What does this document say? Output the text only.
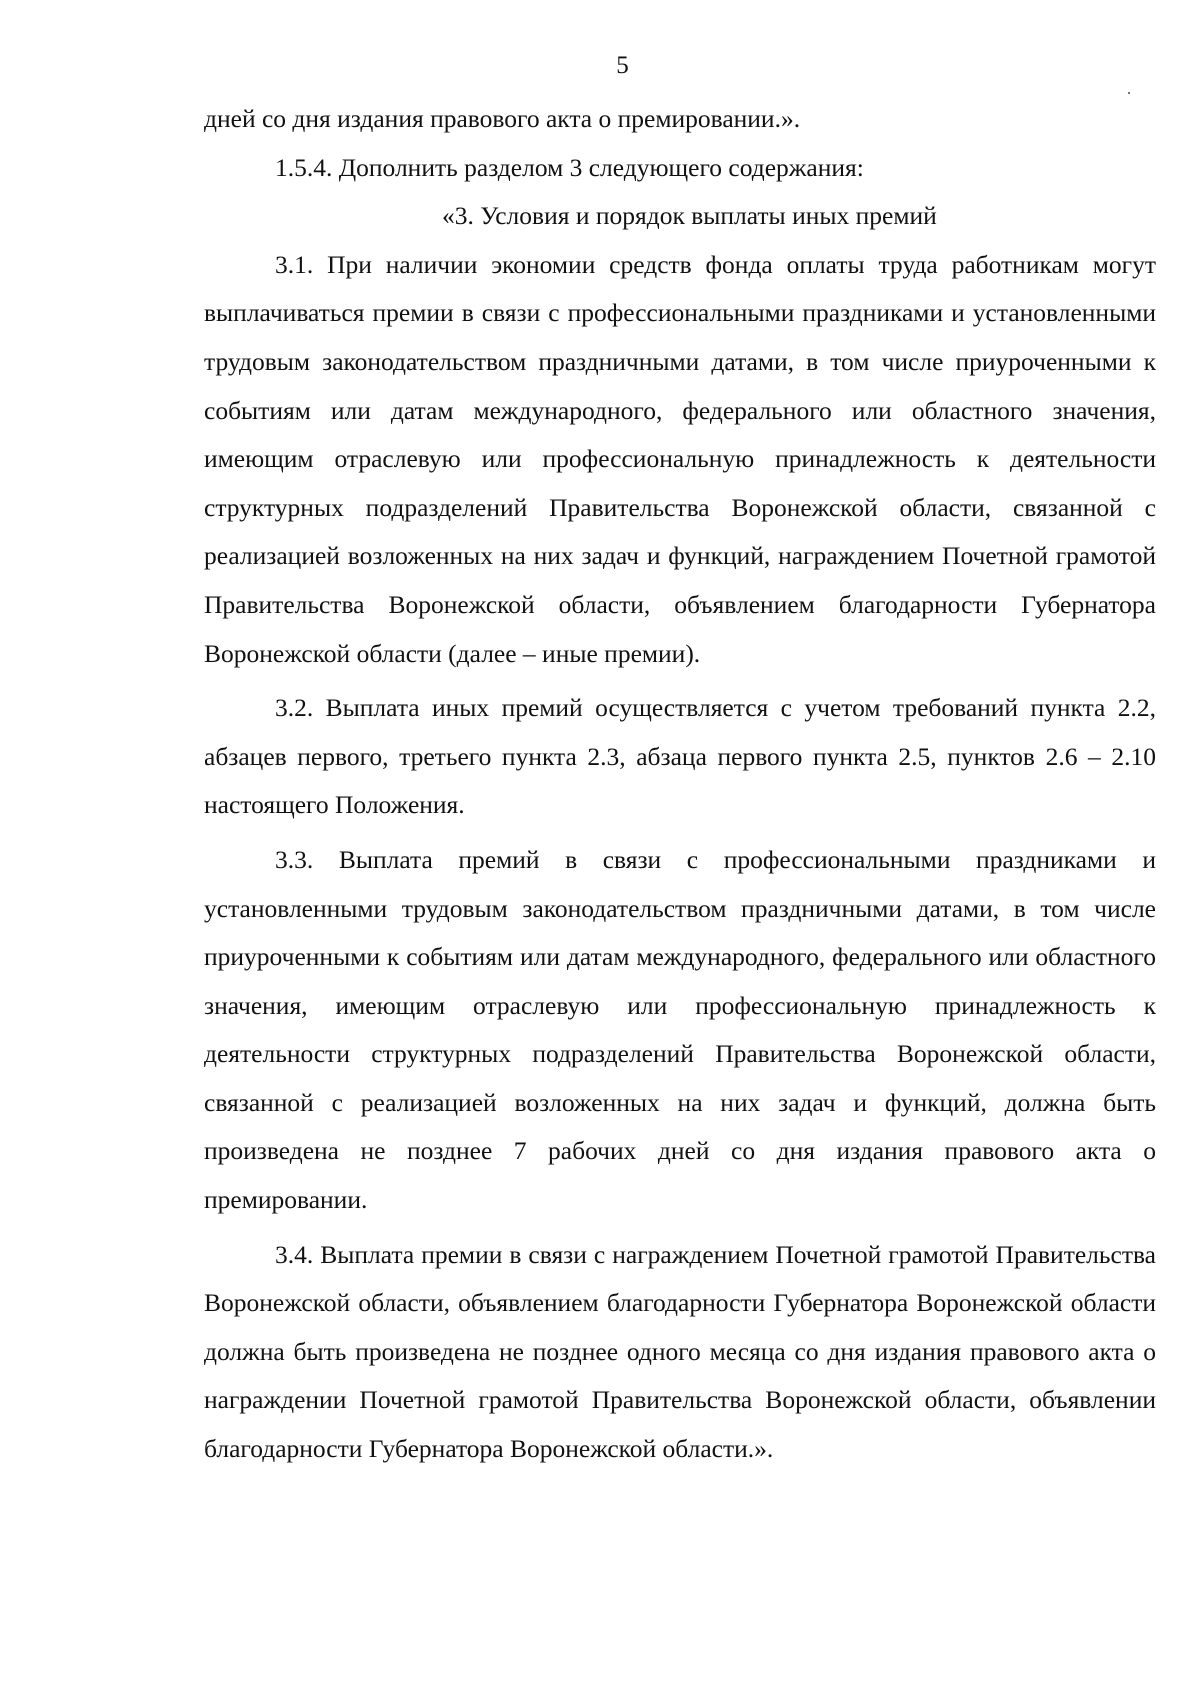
5

дней со дня издания правового акта о премировании.».

1.5.4. Дополнить разделом 3 следующего содержания:

«3. Условия и порядок выплаты иных премий

3.1. При наличии экономии средств фонда оплаты труда работникам могут выплачиваться премии в связи с профессиональными праздниками и установленными трудовым законодательством праздничными датами, в том числе приуроченными к событиям или датам международного, федерального или областного значения, имеющим отраслевую или профессиональную принадлежность к деятельности структурных подразделений Правительства Воронежской области, связанной с реализацией возложенных на них задач и функций, награждением Почетной грамотой Правительства Воронежской области, объявлением благодарности Губернатора Воронежской области (далее – иные премии).

3.2. Выплата иных премий осуществляется с учетом требований пункта 2.2, абзацев первого, третьего пункта 2.3, абзаца первого пункта 2.5, пунктов 2.6 – 2.10 настоящего Положения.

3.3. Выплата премий в связи с профессиональными праздниками и установленными трудовым законодательством праздничными датами, в том числе приуроченными к событиям или датам международного, федерального или областного значения, имеющим отраслевую или профессиональную принадлежность к деятельности структурных подразделений Правительства Воронежской области, связанной с реализацией возложенных на них задач и функций, должна быть произведена не позднее 7 рабочих дней со дня издания правового акта о премировании.

3.4. Выплата премии в связи с награждением Почетной грамотой Правительства Воронежской области, объявлением благодарности Губернатора Воронежской области должна быть произведена не позднее одного месяца со дня издания правового акта о награждении Почетной грамотой Правительства Воронежской области, объявлении благодарности Губернатора Воронежской области.».
